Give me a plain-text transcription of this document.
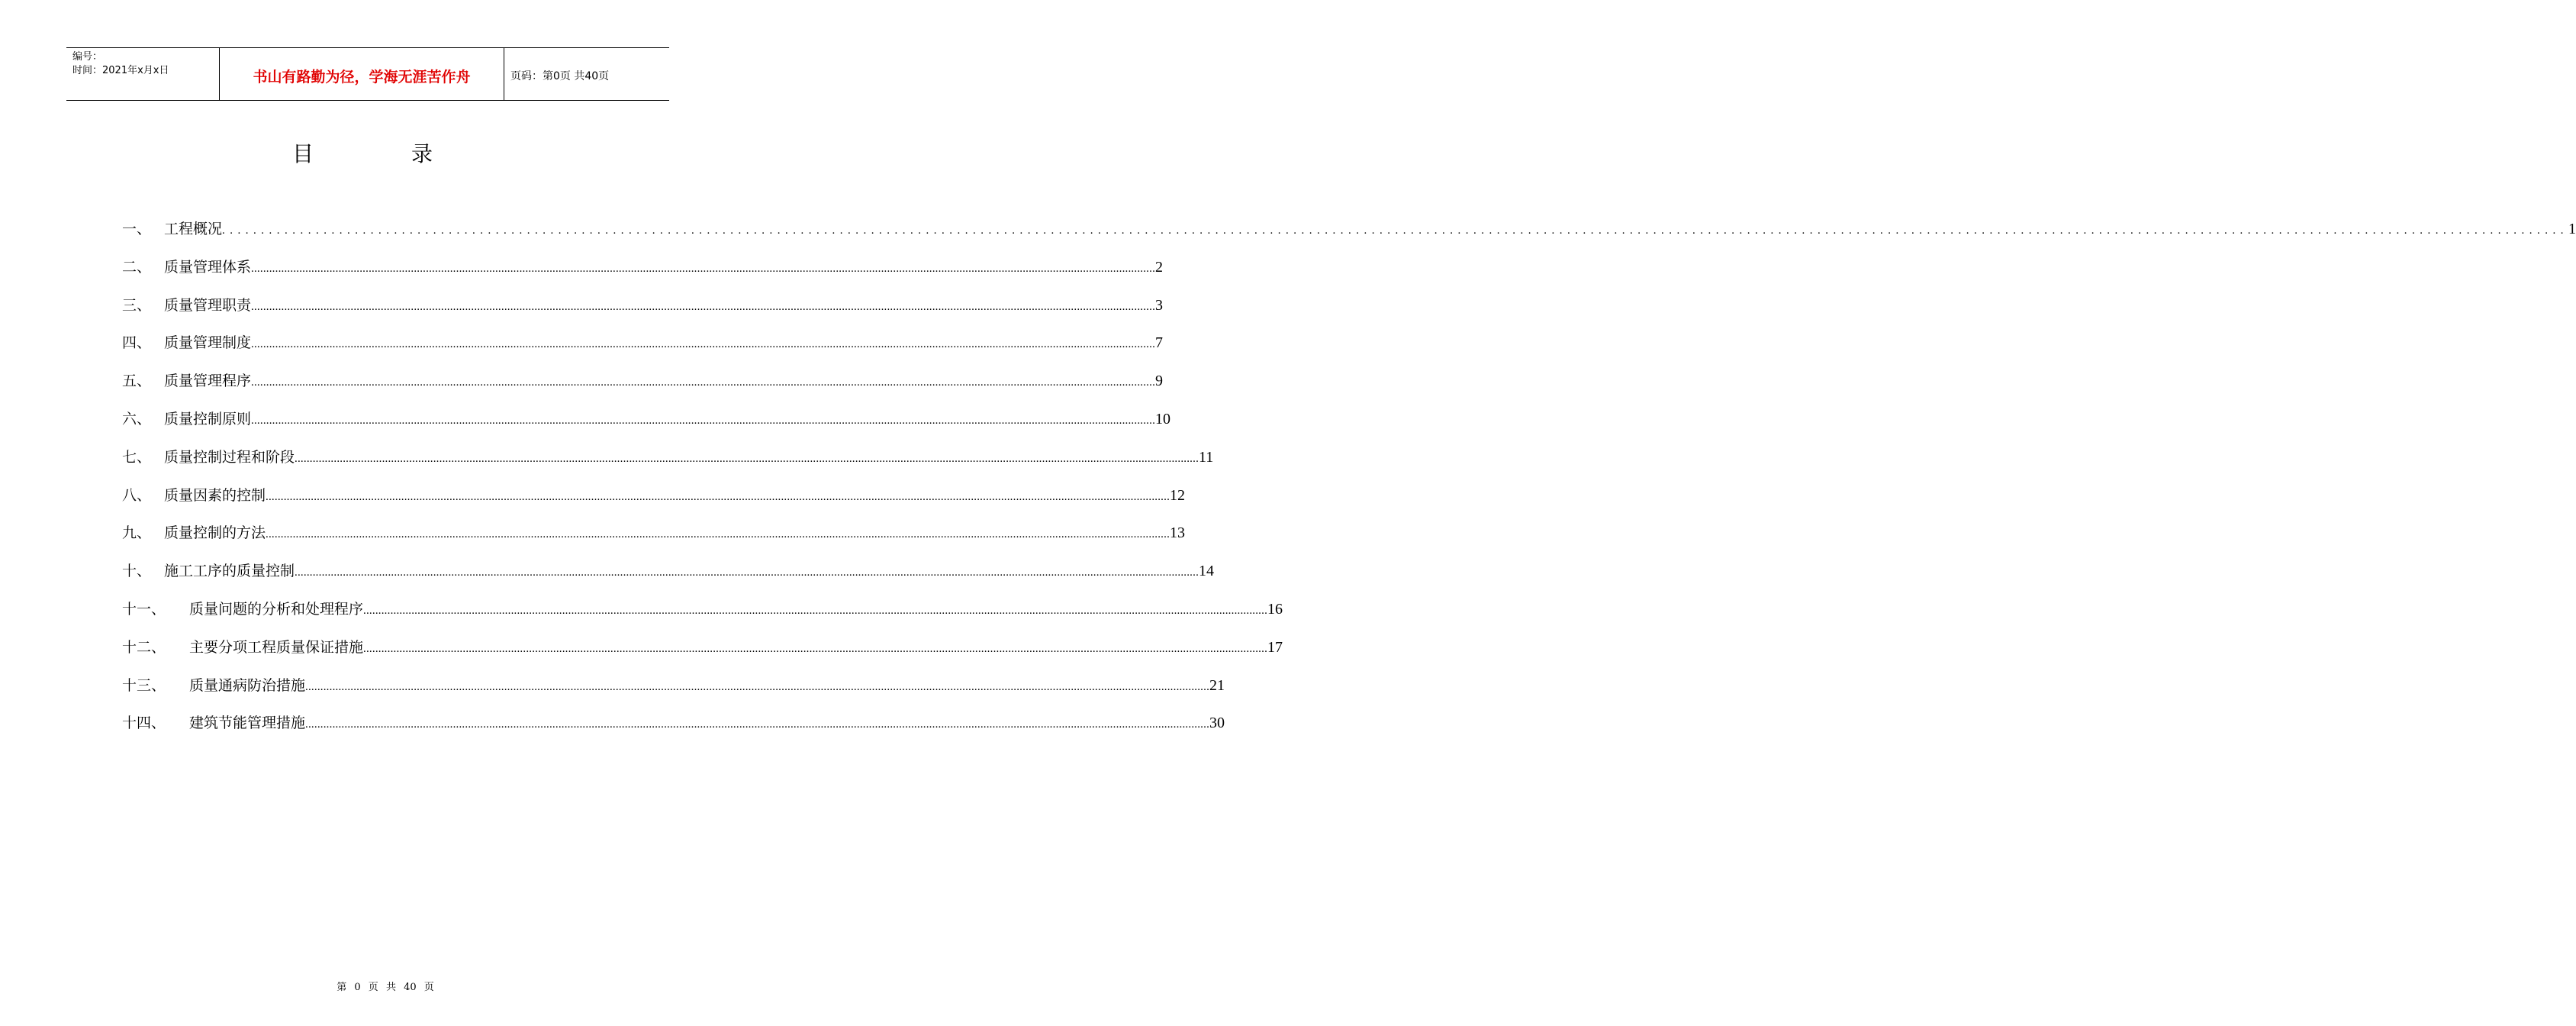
编号：
时间：2021年x月x日	书山有路勤为径，学海无涯苦作舟	页码：第0页 共40页
目	录
一、 工程概况 ............................................................................................................................................................................................................................................................................................................ 1
二、 质量管理体系 ............................................................................................................................................................................................................................................................................................................ 2
三、 质量管理职责 ............................................................................................................................................................................................................................................................................................................ 3
四、 质量管理制度 ............................................................................................................................................................................................................................................................................................................ 7
五、 质量管理程序 ............................................................................................................................................................................................................................................................................................................ 9
六、 质量控制原则 ............................................................................................................................................................................................................................................................................................................ 10
七、 质量控制过程和阶段 ............................................................................................................................................................................................................................................................................................................ 11
八、 质量因素的控制 ............................................................................................................................................................................................................................................................................................................ 12
九、 质量控制的方法 ............................................................................................................................................................................................................................................................................................................ 13
十、 施工工序的质量控制 ............................................................................................................................................................................................................................................................................................................ 14
十一、	质量问题的分析和处理程序 ............................................................................................................................................................................................................................................................................................................ 16
十二、	主要分项工程质量保证措施 ............................................................................................................................................................................................................................................................................................................ 17
十三、	质量通病防治措施 ............................................................................................................................................................................................................................................................................................................ 21
十四、	建筑节能管理措施 ............................................................................................................................................................................................................................................................................................................ 30
第 0 页 共 40 页
